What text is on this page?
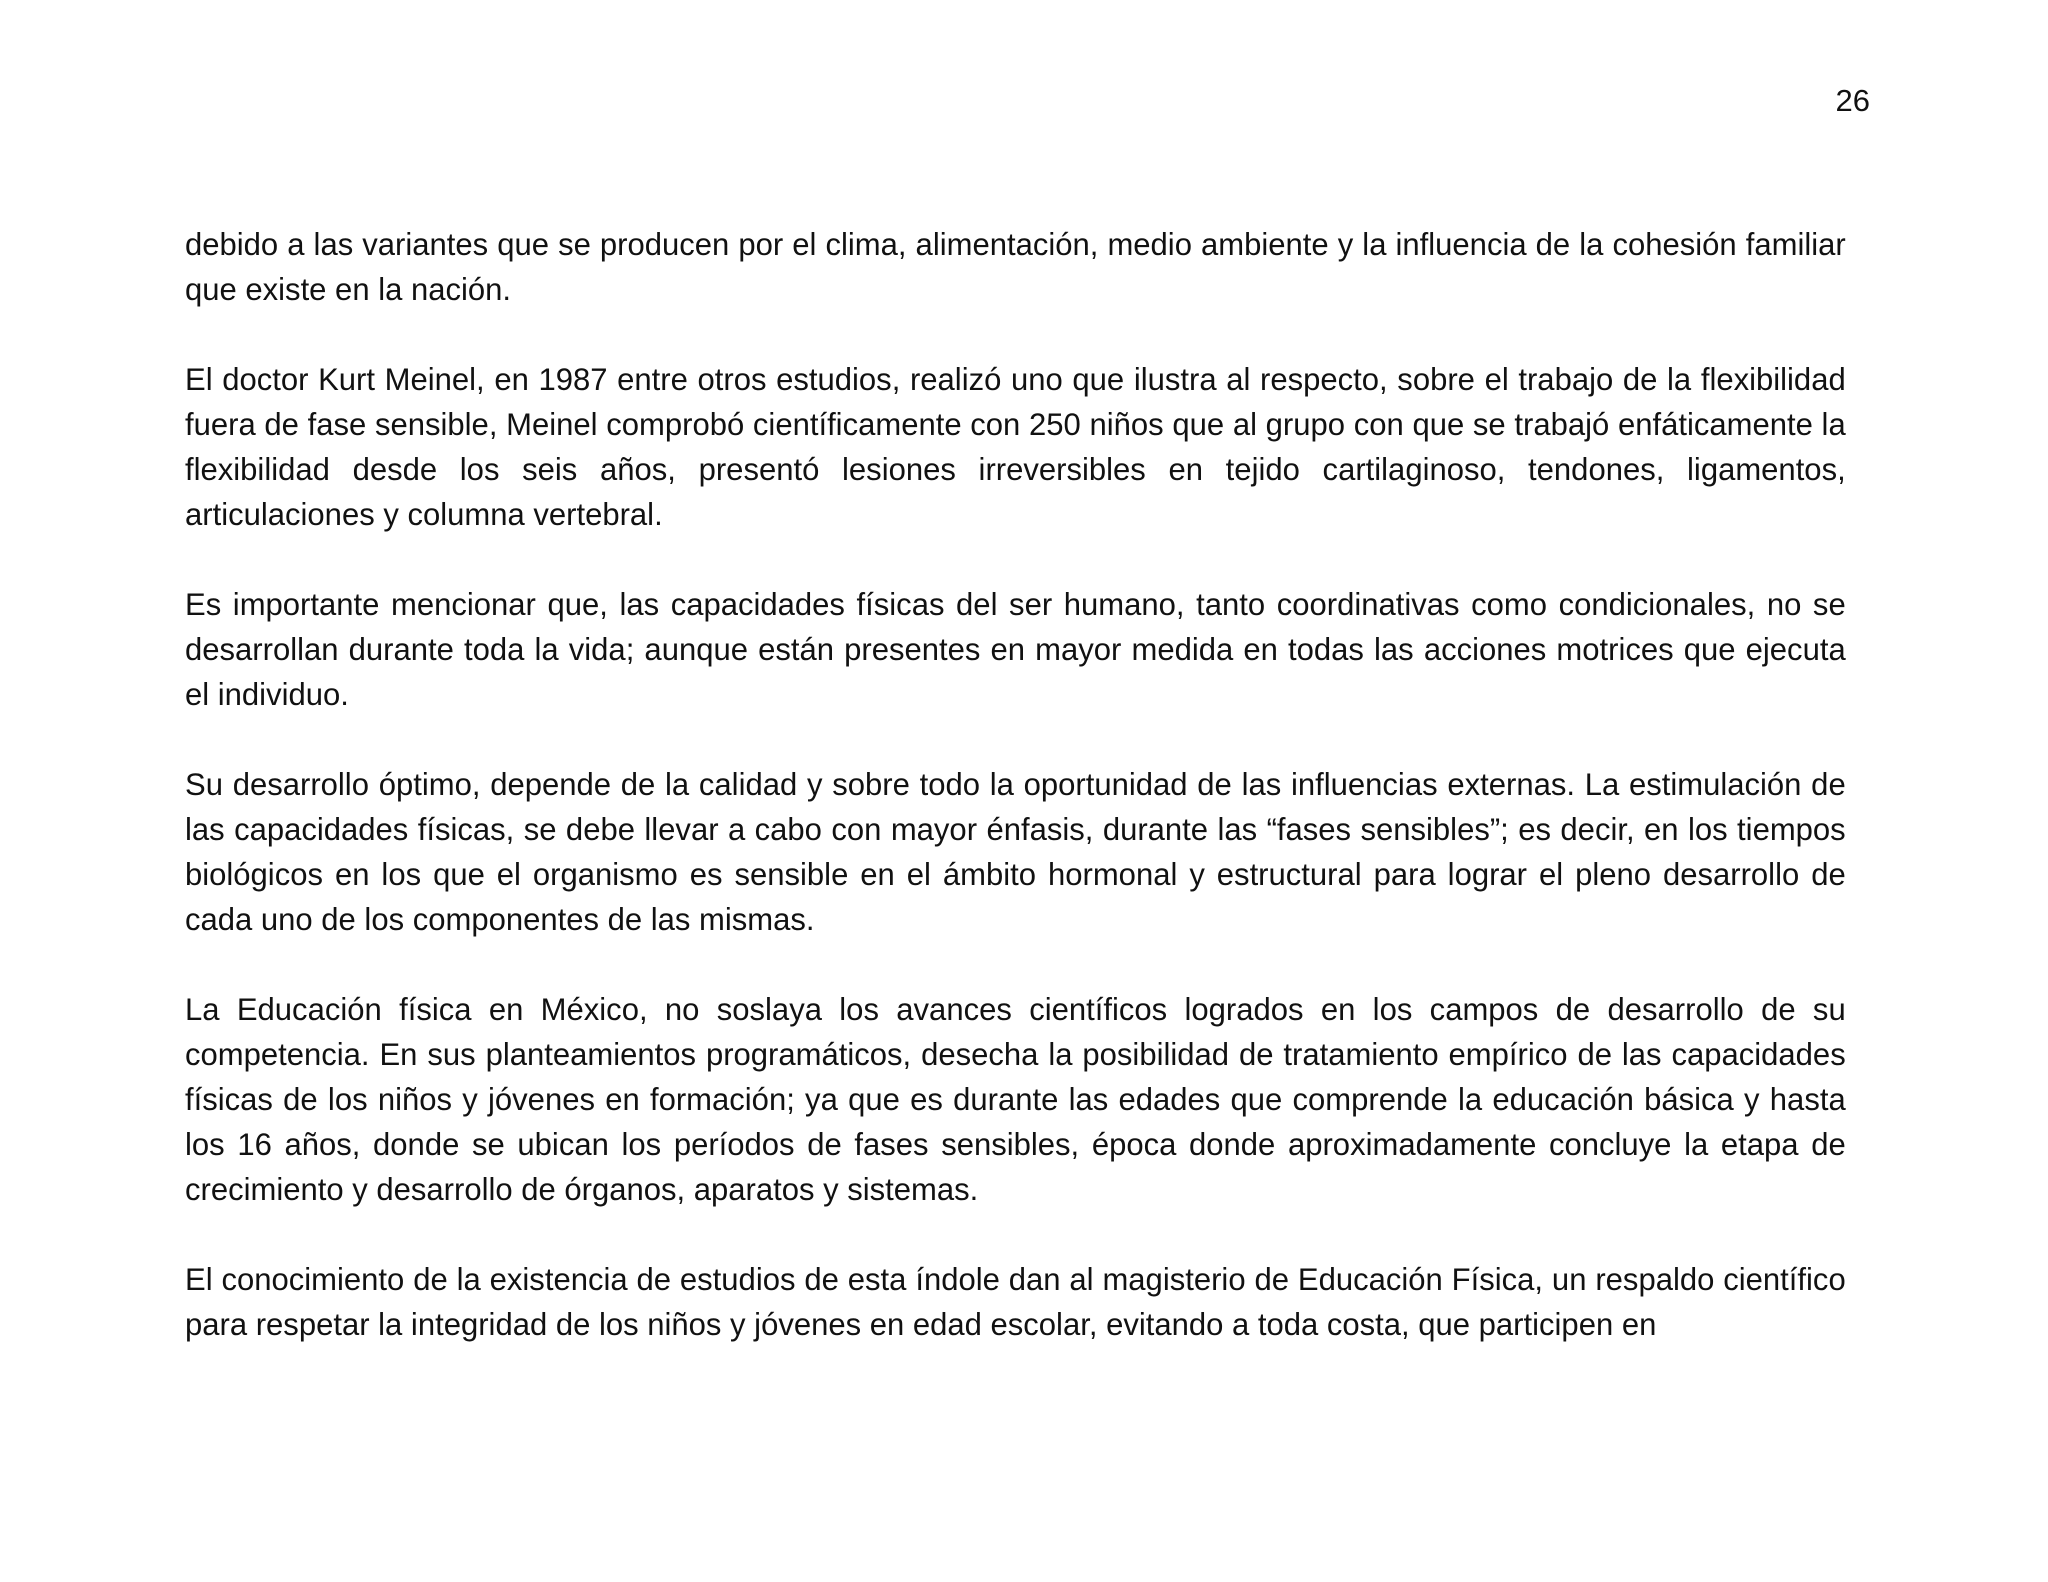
26

debido a las variantes que se producen por el clima, alimentación, medio ambiente y la influencia de la cohesión familiar que existe en la nación.

El doctor Kurt Meinel, en 1987 entre otros estudios, realizó uno que ilustra al respecto, sobre el trabajo de la flexibilidad fuera de fase sensible, Meinel comprobó científicamente con 250 niños que al grupo con que se trabajó enfáticamente la flexibilidad desde los seis años, presentó lesiones irreversibles en tejido cartilaginoso, tendones, ligamentos, articulaciones y columna vertebral.

Es importante mencionar que, las capacidades físicas del ser humano, tanto coordinativas como condicionales, no se desarrollan durante toda la vida; aunque están presentes en mayor medida en todas las acciones motrices que ejecuta el individuo.

Su desarrollo óptimo, depende de la calidad y sobre todo la oportunidad de las influencias externas. La estimulación de las capacidades físicas, se debe llevar a cabo con mayor énfasis, durante las “fases sensibles”; es decir, en los tiempos biológicos en los que el organismo es sensible en el ámbito hormonal y estructural para lograr el pleno desarrollo de cada uno de los componentes de las mismas.

La Educación física en México, no soslaya los avances científicos logrados en los campos de desarrollo de su competencia. En sus planteamientos programáticos, desecha la posibilidad de tratamiento empírico de las capacidades físicas de los niños y jóvenes en formación; ya que es durante las edades que comprende la educación básica y hasta los 16 años, donde se ubican los períodos de fases sensibles, época donde aproximadamente concluye la etapa de crecimiento y desarrollo de órganos, aparatos y sistemas.

El conocimiento de la existencia de estudios de esta índole dan al magisterio de Educación Física, un respaldo científico para respetar la integridad de los niños y jóvenes en edad escolar, evitando a toda costa, que participen en
